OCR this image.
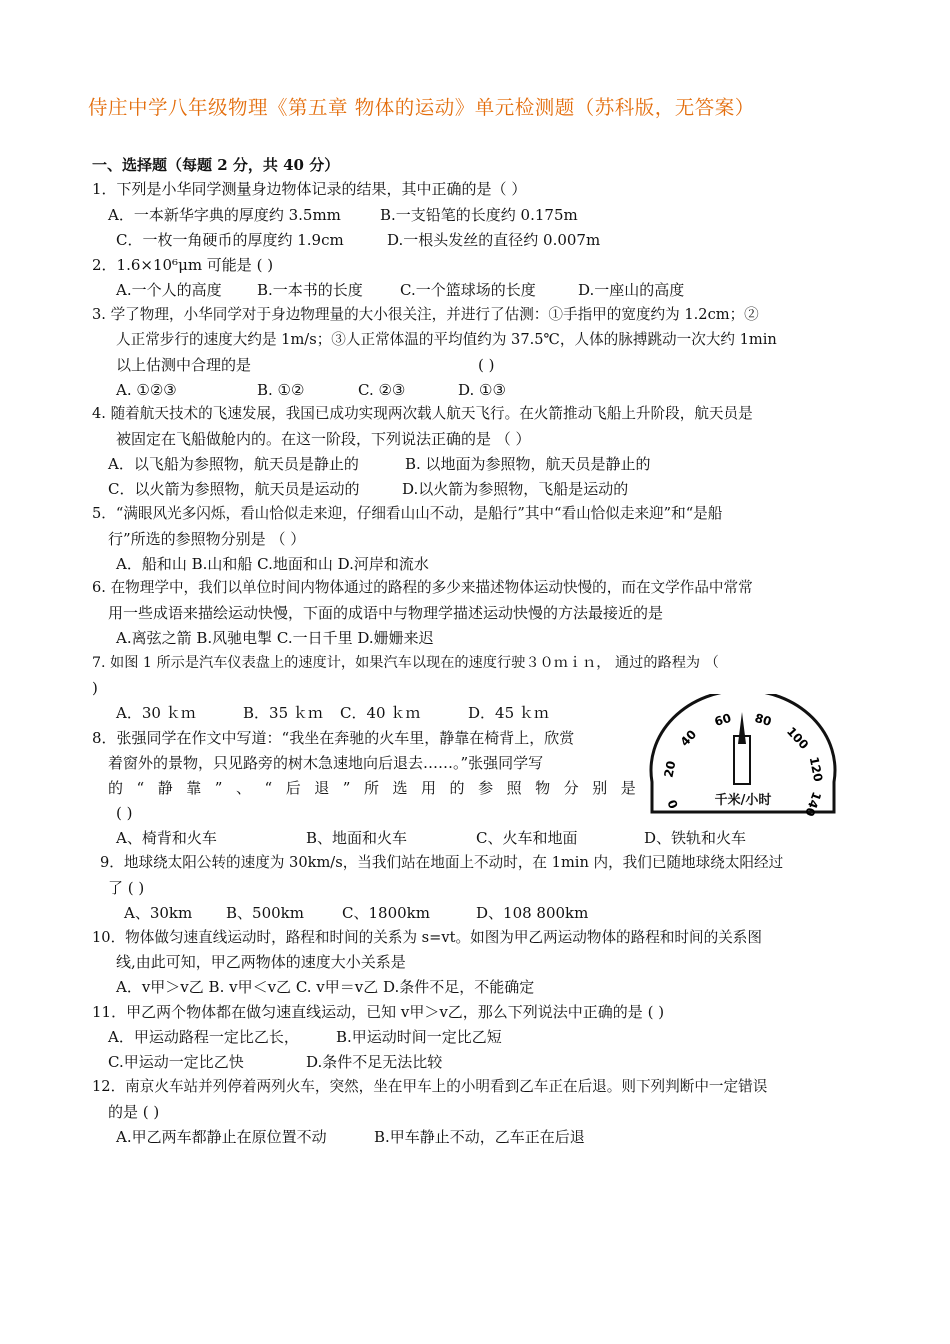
侍庄中学八年级物理《第五章 物体的运动》单元检测题（苏科版，无答案）
一、选择题（每题 2 分，共 40 分）
1．下列是小华同学测量身边物体记录的结果，其中正确的是（ ）
A．一本新华字典的厚度约 3.5mm	B.一支铅笔的长度约 0.175m
C．一枚一角硬币的厚度约 1.9cm	D.一根头发丝的直径约 0.007m
2．1.6×10⁶μm 可能是 ( )
A.一个人的高度 B.一本书的长度 C.一个篮球场的长度	D.一座山的高度
3. 学了物理，小华同学对于身边物理量的大小很关注，并进行了估测：①手指甲的宽度约为 1.2cm；②
人正常步行的速度大约是 1m/s；③人正常体温的平均值约为 37.5℃，人体的脉搏跳动一次大约 1min
以上估测中合理的是	( )
A. ①②③	B. ①②	C. ②③	D. ①③
4. 随着航天技术的飞速发展，我国已成功实现两次载人航天飞行。在火箭推动飞船上升阶段，航天员是
被固定在飞船做舱内的。在这一阶段，下列说法正确的是 （ ）
A．以飞船为参照物，航天员是静止的	B. 以地面为参照物，航天员是静止的
C．以火箭为参照物，航天员是运动的	D.以火箭为参照物，飞船是运动的
5．“满眼风光多闪烁，看山恰似走来迎，仔细看山山不动，是船行”其中“看山恰似走来迎”和“是船
行”所选的参照物分别是 （ ）
A．船和山 B.山和船 C.地面和山 D.河岸和流水
6. 在物理学中，我们以单位时间内物体通过的路程的多少来描述物体运动快慢的，而在文学作品中常常
用一些成语来描绘运动快慢，下面的成语中与物理学描述运动快慢的方法最接近的是
A.离弦之箭 B.风驰电掣 C.一日千里 D.姗姗来迟
7. 如图 1 所示是汽车仪表盘上的速度计，如果汽车以现在的速度行驶３０ｍｉｎ， 通过的路程为 （
)
A．30 ｋｍ	B．35 ｋｍ C．40 ｋｍ	D．45 ｋｍ
0
20
40
60 80
100
120
140
千米/小时
8．张强同学在作文中写道：“我坐在奔驰的火车里，静靠在椅背上，欣赏
着窗外的景物，只见路旁的树木急速地向后退去……。”张强同学写
的 “ 静 靠 ” 、 “ 后 退 ” 所 选 用 的 参 照 物 分 别 是
( )
A、椅背和火车	B、地面和火车	C、火车和地面	D、铁轨和火车
9．地球绕太阳公转的速度为 30km/s，当我们站在地面上不动时，在 1min 内，我们已随地球绕太阳经过
了 ( )
A、30km B、500km	C、1800km	D、108 800km
10．物体做匀速直线运动时，路程和时间的关系为 s=vt。如图为甲乙两运动物体的路程和时间的关系图
线,由此可知，甲乙两物体的速度大小关系是
A．v甲＞v乙 B. v甲＜v乙 C. v甲＝v乙 D.条件不足，不能确定
11．甲乙两个物体都在做匀速直线运动，已知 v甲＞v乙，那么下列说法中正确的是 ( )
A．甲运动路程一定比乙长， B.甲运动时间一定比乙短
C.甲运动一定比乙快	D.条件不足无法比较
12．南京火车站并列停着两列火车，突然，坐在甲车上的小明看到乙车正在后退。则下列判断中一定错误
的是 ( )
A.甲乙两车都静止在原位置不动	B.甲车静止不动，乙车正在后退
